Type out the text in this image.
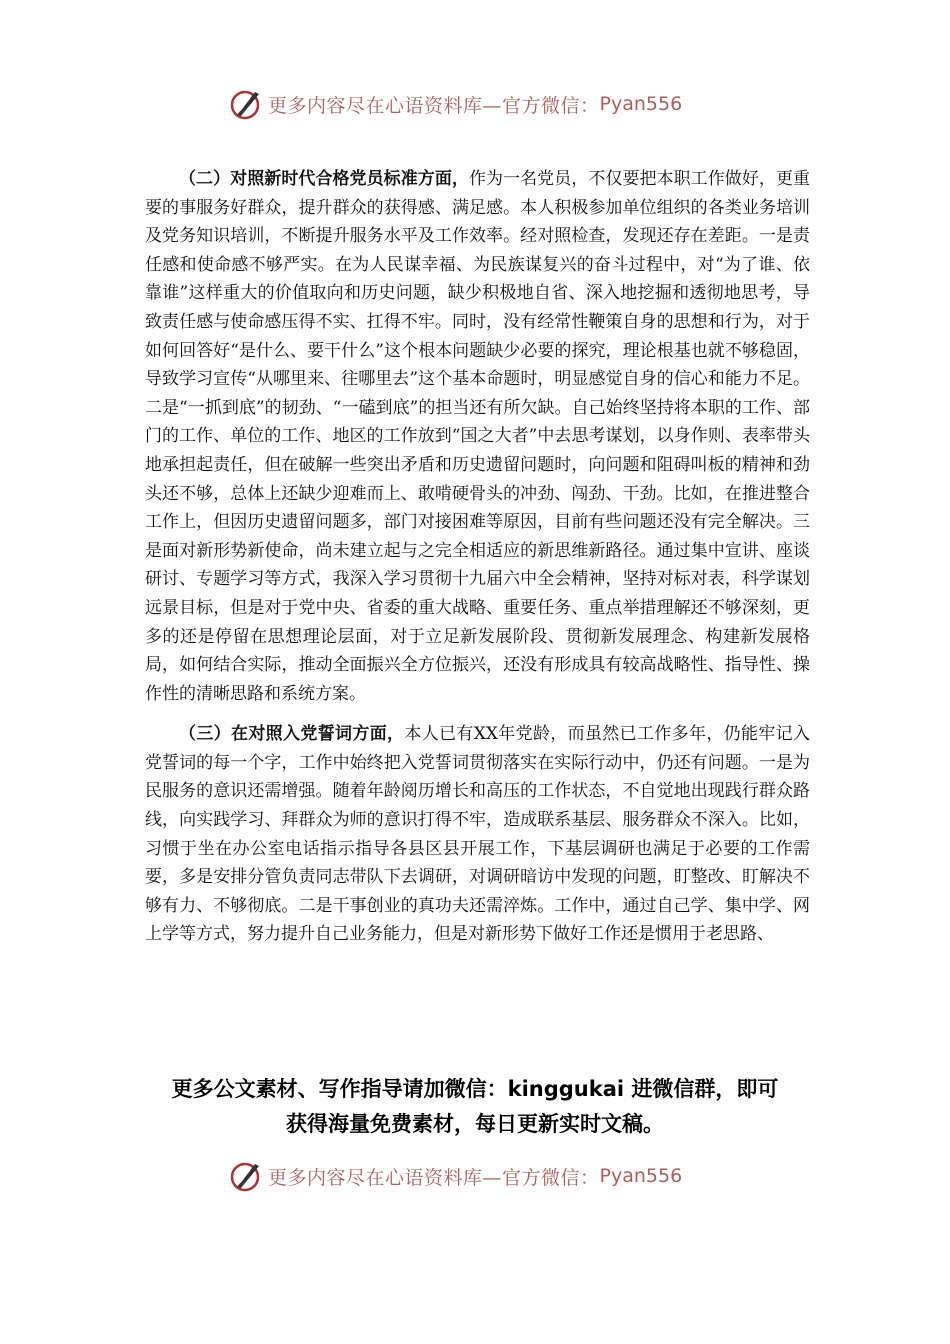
更多内容尽在心语资料库—官方微信： Pyan556

（二）对照新时代合格党员标准方面，作为一名党员，不仅要把本职工作做好，更重要的事服务好群众，提升群众的获得感、满足感。本人积极参加单位组织的各类业务培训及党务知识培训，不断提升服务水平及工作效率。经对照检查，发现还存在差距。一是责任感和使命感不够严实。在为人民谋幸福、为民族谋复兴的奋斗过程中，对“为了谁、依靠谁”这样重大的价值取向和历史问题，缺少积极地自省、深入地挖掘和透彻地思考，导致责任感与使命感压得不实、扛得不牢。同时，没有经常性鞭策自身的思想和行为，对于如何回答好“是什么、要干什么”这个根本问题缺少必要的探究，理论根基也就不够稳固，导致学习宣传“从哪里来、往哪里去”这个基本命题时，明显感觉自身的信心和能力不足。二是“一抓到底”的韧劲、“一磕到底”的担当还有所欠缺。自己始终坚持将本职的工作、部门的工作、单位的工作、地区的工作放到“国之大者”中去思考谋划，以身作则、表率带头地承担起责任，但在破解一些突出矛盾和历史遗留问题时，向问题和阻碍叫板的精神和劲头还不够，总体上还缺少迎难而上、敢啃硬骨头的冲劲、闯劲、干劲。比如，在推进整合工作上，但因历史遗留问题多，部门对接困难等原因，目前有些问题还没有完全解决。三是面对新形势新使命，尚未建立起与之完全相适应的新思维新路径。通过集中宣讲、座谈研讨、专题学习等方式，我深入学习贯彻十九届六中全会精神，坚持对标对表，科学谋划远景目标，但是对于党中央、省委的重大战略、重要任务、重点举措理解还不够深刻，更多的还是停留在思想理论层面，对于立足新发展阶段、贯彻新发展理念、构建新发展格局，如何结合实际，推动全面振兴全方位振兴，还没有形成具有较高战略性、指导性、操作性的清晰思路和系统方案。

（三）在对照入党誓词方面，本人已有XX年党龄，而虽然已工作多年，仍能牢记入党誓词的每一个字，工作中始终把入党誓词贯彻落实在实际行动中，仍还有问题。一是为民服务的意识还需增强。随着年龄阅历增长和高压的工作状态，不自觉地出现践行群众路线，向实践学习、拜群众为师的意识打得不牢，造成联系基层、服务群众不深入。比如，习惯于坐在办公室电话指示指导各县区县开展工作，下基层调研也满足于必要的工作需要，多是安排分管负责同志带队下去调研，对调研暗访中发现的问题，盯整改、盯解决不够有力、不够彻底。二是干事创业的真功夫还需淬炼。工作中，通过自己学、集中学、网上学等方式，努力提升自己业务能力，但是对新形势下做好工作还是惯用于老思路、

更多公文素材、写作指导请加微信：kinggukai 进微信群，即可
获得海量免费素材，每日更新实时文稿。
更多内容尽在心语资料库—官方微信： Pyan556
